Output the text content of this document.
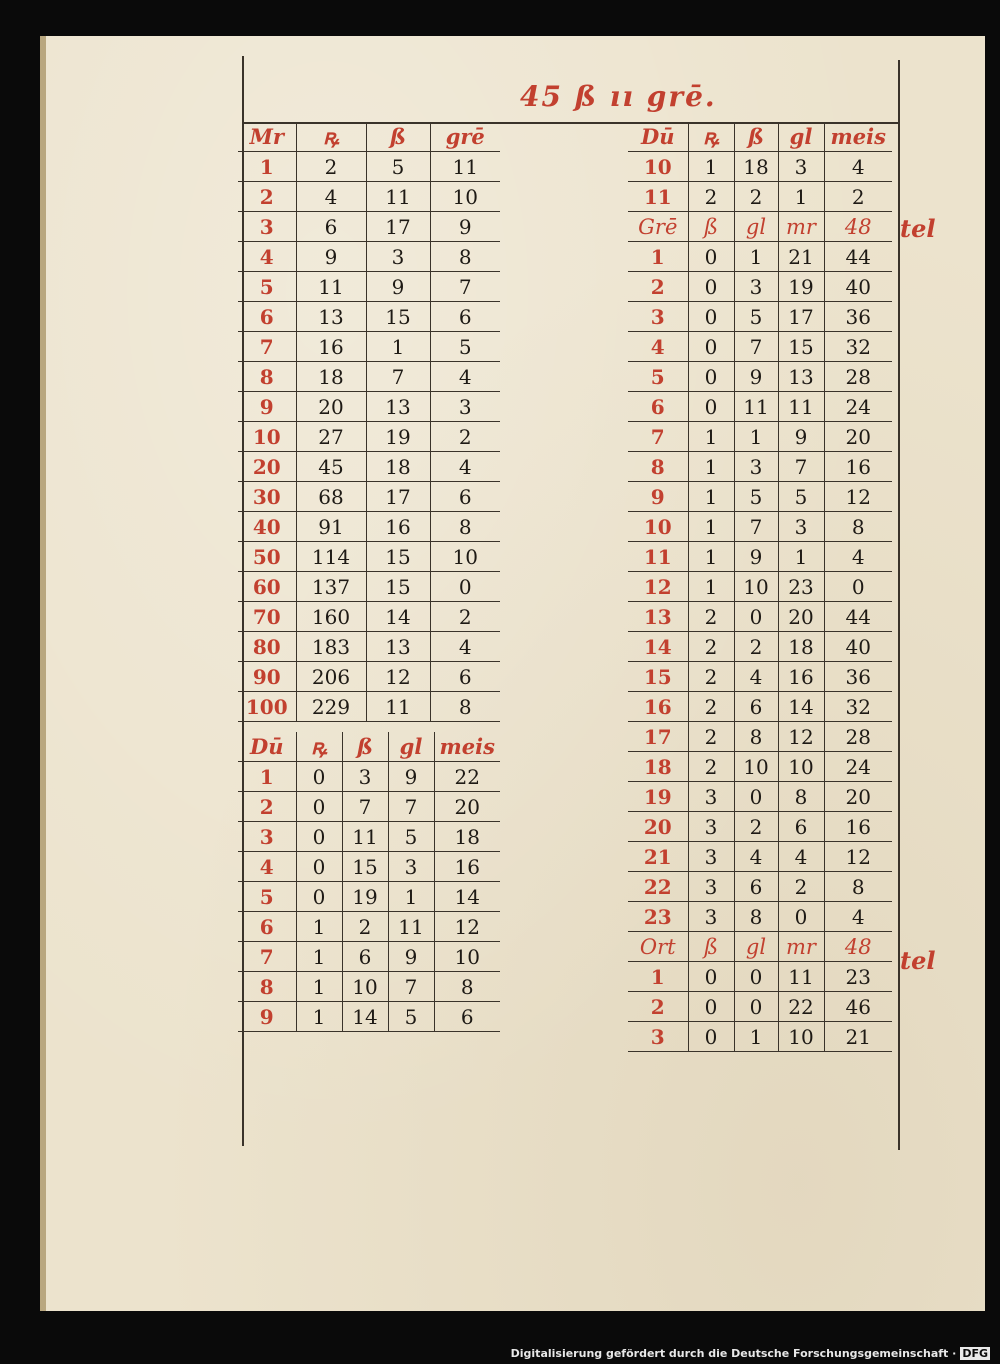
45 ß ıı grē.
Mr	ꝶ	ß	grē
1	2	5	11
2	4	11	10
3	6	17	9
4	9	3	8
5	11	9	7
6	13	15	6
7	16	1	5
8	18	7	4
9	20	13	3
10	27	19	2
20	45	18	4
30	68	17	6
40	91	16	8
50	114	15	10
60	137	15	0
70	160	14	2
80	183	13	4
90	206	12	6
100	229	11	8
Dū	ꝶ	ß	gl	meis
1	0	3	9	22
2	0	7	7	20
3	0	11	5	18
4	0	15	3	16
5	0	19	1	14
6	1	2	11	12
7	1	6	9	10
8	1	10	7	8
9	1	14	5	6
Dū	ꝶ	ß	gl	meis
10	1	18	3	4
11	2	2	1	2
Grē	ß	gl	mr	48
1	0	1	21	44
2	0	3	19	40
3	0	5	17	36
4	0	7	15	32
5	0	9	13	28
6	0	11	11	24
7	1	1	9	20
8	1	3	7	16
9	1	5	5	12
10	1	7	3	8
11	1	9	1	4
12	1	10	23	0
13	2	0	20	44
14	2	2	18	40
15	2	4	16	36
16	2	6	14	32
17	2	8	12	28
18	2	10	10	24
19	3	0	8	20
20	3	2	6	16
21	3	4	4	12
22	3	6	2	8
23	3	8	0	4
Ort	ß	gl	mr	48
1	0	0	11	23
2	0	0	22	46
3	0	1	10	21
tel
tel
Digitalisierung gefördert durch die Deutsche Forschungsgemeinschaft · DFG
